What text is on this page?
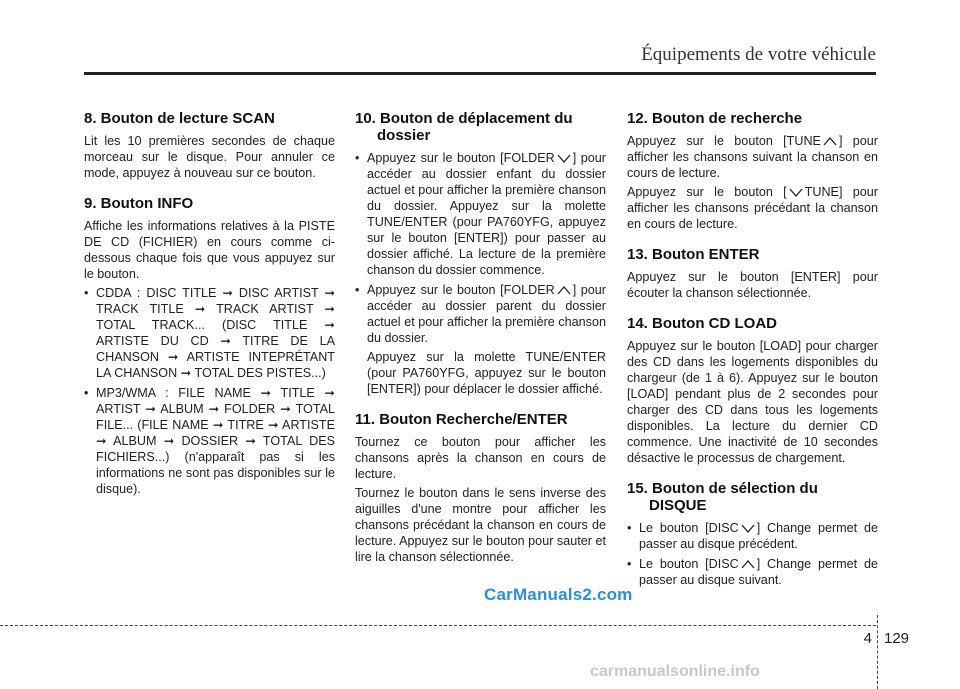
Équipements de votre véhicule
8. Bouton de lecture SCAN

Lit les 10 premières secondes de chaque morceau sur le disque. Pour annuler ce mode, appuyez à nouveau sur ce bouton.

9. Bouton INFO

Affiche les informations relatives à la PISTE DE CD (FICHIER) en cours comme ci-dessous chaque fois que vous appuyez sur le bouton.

• CDDA : DISC TITLE ➞ DISC ARTIST ➞ TRACK TITLE ➞ TRACK ARTIST ➞ TOTAL TRACK... (DISC TITLE ➞ ARTISTE DU CD ➞ TITRE DE LA CHANSON ➞ ARTISTE INTEPRÉTANT LA CHANSON ➞ TOTAL DES PISTES...)
• MP3/WMA : FILE NAME ➞ TITLE ➞ ARTIST ➞ ALBUM ➞ FOLDER ➞ TOTAL FILE... (FILE NAME ➞ TITRE ➞ ARTISTE ➞ ALBUM ➞ DOSSIER ➞ TOTAL DES FICHIERS...) (n'apparaît pas si les informations ne sont pas disponibles sur le disque).
10. Bouton de déplacement du dossier
• Appuyez sur le bouton [FOLDER ] pour accéder au dossier enfant du dossier actuel et pour afficher la première chanson du dossier. Appuyez sur la molette TUNE/ENTER (pour PA760YFG, appuyez sur le bouton [ENTER]) pour passer au dossier affiché. La lecture de la première chanson du dossier commence.
• Appuyez sur le bouton [FOLDER ] pour accéder au dossier parent du dossier actuel et pour afficher la première chanson du dossier.

Appuyez sur la molette TUNE/ENTER (pour PA760YFG, appuyez sur le bouton [ENTER]) pour déplacer le dossier affiché.

11. Bouton Recherche/ENTER

Tournez ce bouton pour afficher les chansons après la chanson en cours de lecture.

Tournez le bouton dans le sens inverse des aiguilles d'une montre pour afficher les chansons précédant la chanson en cours de lecture. Appuyez sur le bouton pour sauter et lire la chanson sélectionnée.

12. Bouton de recherche

Appuyez sur le bouton [TUNE ] pour afficher les chansons suivant la chanson en cours de lecture.

Appuyez sur le bouton [ TUNE] pour afficher les chansons précédant la chanson en cours de lecture.

13. Bouton ENTER

Appuyez sur le bouton [ENTER] pour écouter la chanson sélectionnée.

14. Bouton CD LOAD

Appuyez sur le bouton [LOAD] pour charger des CD dans les logements disponibles du chargeur (de 1 à 6). Appuyez sur le bouton [LOAD] pendant plus de 2 secondes pour charger des CD dans tous les logements disponibles. La lecture du dernier CD commence. Une inactivité de 10 secondes désactive le processus de chargement.

15. Bouton de sélection du DISQUE
• Le bouton [DISC ] Change permet de passer au disque précédent.
• Le bouton [DISC ] Change permet de passer au disque suivant.
CarManuals2.com
4 129
carmanualsonline.info
